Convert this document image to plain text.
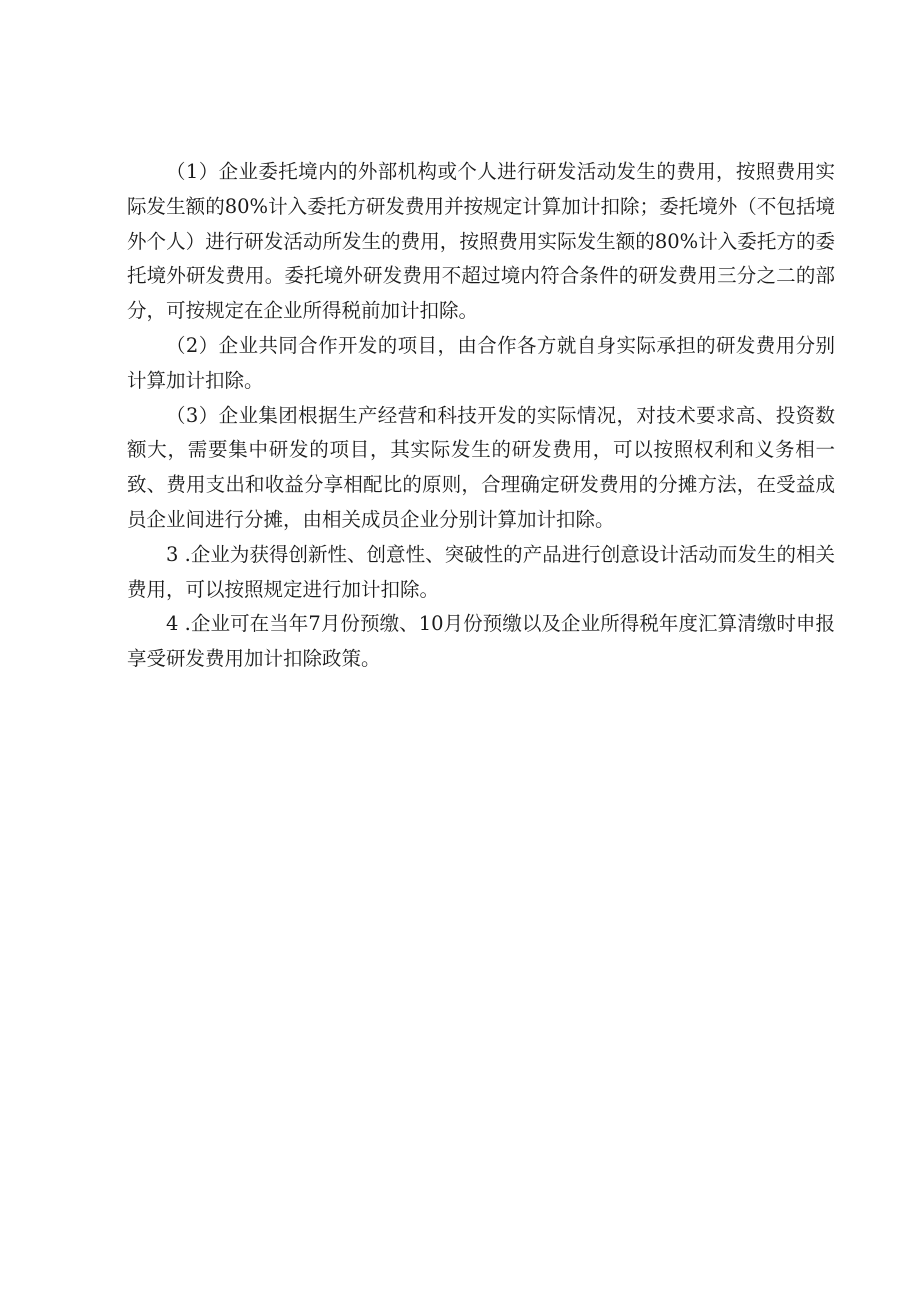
（1）企业委托境内的外部机构或个人进行研发活动发生的费用，按照费用实际发生额的80%计入委托方研发费用并按规定计算加计扣除；委托境外（不包括境外个人）进行研发活动所发生的费用，按照费用实际发生额的80%计入委托方的委托境外研发费用。委托境外研发费用不超过境内符合条件的研发费用三分之二的部分，可按规定在企业所得税前加计扣除。

（2）企业共同合作开发的项目，由合作各方就自身实际承担的研发费用分别计算加计扣除。

（3）企业集团根据生产经营和科技开发的实际情况，对技术要求高、投资数额大，需要集中研发的项目，其实际发生的研发费用，可以按照权利和义务相一致、费用支出和收益分享相配比的原则，合理确定研发费用的分摊方法，在受益成员企业间进行分摊，由相关成员企业分别计算加计扣除。

3 .企业为获得创新性、创意性、突破性的产品进行创意设计活动而发生的相关费用，可以按照规定进行加计扣除。

4 .企业可在当年7月份预缴、10月份预缴以及企业所得税年度汇算清缴时申报享受研发费用加计扣除政策。
